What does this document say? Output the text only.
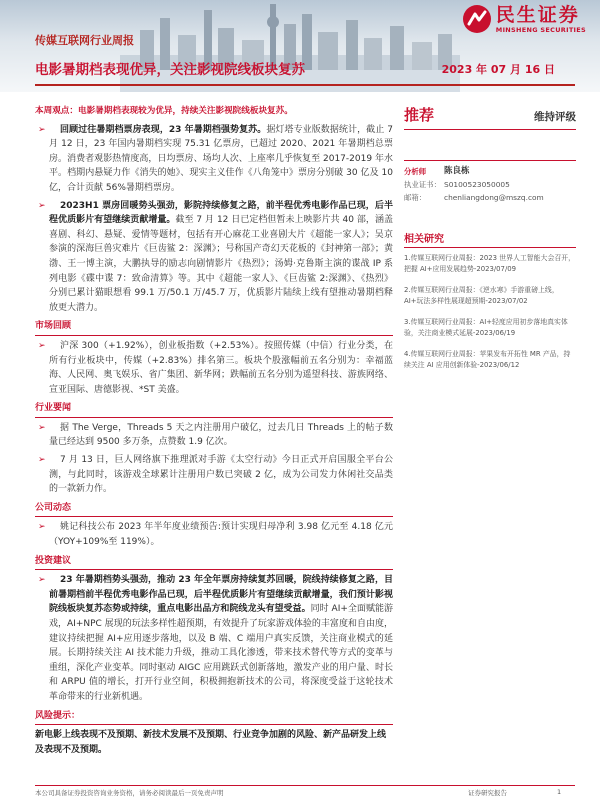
民生证券
MINSHENG SECURITIES
传媒互联网行业周报
电影暑期档表现优异，关注影视院线板块复苏	2023 年 07 月 16 日
本周观点：电影暑期档表现较为优异，持续关注影视院线板块复苏。
➢ 回顾过往暑期档票房表现，23 年暑期档强势复苏。据灯塔专业版数据统计，截止 7 月 12 日，23 年国内暑期档实现 75.31 亿票房，已超过 2020、2021 年暑期档总票房。消费者观影热情度高，日均票房、场均人次、上座率几乎恢复至 2017-2019 年水平。档期内悬疑力作《消失的她》、现实主义佳作《八角笼中》票房分别破 30 亿及 10 亿，合计贡献 56%暑期档票房。
➢ 2023H1 票房回暖势头强劲，影院持续修复之路，前半程优秀电影作品已现，后半程优质影片有望继续贡献增量。截至 7 月 12 日已定档但暂未上映影片共 40 部，涵盖喜剧、科幻、悬疑、爱情等题材，包括有开心麻花工业喜剧大片《超能一家人》；吴京参演的深海巨兽灾难片《巨齿鲨 2：深渊》；号称国产奇幻天花板的《封神第一部》；黄渤、王一博主演，大鹏执导的励志向剧情影片《热烈》；汤姆·克鲁斯主演的谍战 IP 系列电影《碟中谍 7：致命清算》等。其中《超能一家人》、《巨齿鲨 2:深渊》、《热烈》分别已累计猫眼想看 99.1 万/50.1 万/45.7 万，优质影片陆续上线有望推动暑期档释放更大潜力。
市场回顾
➢ 沪深 300（+1.92%），创业板指数（+2.53%）。按照传媒（中信）行业分类，在所有行业板块中，传媒（+2.83%）排名第三。板块个股涨幅前五名分别为：幸福蓝海、人民网、奥飞娱乐、省广集团、新华网；跌幅前五名分别为遥望科技、游族网络、宣亚国际、唐德影视、*ST 美盛。
行业要闻
➢ 据 The Verge，Threads 5 天之内注册用户破亿，过去几日 Threads 上的帖子数量已经达到 9500 多万条，点赞数 1.9 亿次。
➢ 7 月 13 日，巨人网络旗下推理派对手游《太空行动》今日正式开启国服全平台公测，与此同时，该游戏全球累计注册用户数已突破 2 亿，成为公司发力休闲社交品类的一款新力作。
公司动态
➢ 姚记科技公布 2023 年半年度业绩预告:预计实现归母净利 3.98 亿元至 4.18 亿元（YOY+109%至 119%）。
投资建议
➢ 23 年暑期档势头强劲，推动 23 年全年票房持续复苏回暖，院线持续修复之路，目前暑期档前半程优秀电影作品已现，后半程优质影片有望继续贡献增量，我们预计影视院线板块复苏态势或持续，重点电影出品方和院线龙头有望受益。同时 AI+全面赋能游戏，AI+NPC 展现的玩法多样性超预期，有效提升了玩家游戏体验的丰富度和自由度，建议持续把握 AI+应用逐步落地，以及 B 端、C 端用户真实反馈，关注商业模式的延展。长期持续关注 AI 技术能力升级，推动工具化渗透，带来技术替代等方式的变革与重组，深化产业变革。同时驱动 AIGC 应用跳跃式创新落地，激发产业的用户量、时长和 ARPU 值的增长，打开行业空间，积极拥抱新技术的公司，将深度受益于这轮技术革命带来的行业新机遇。
风险提示：
新电影上线表现不及预期、新技术发展不及预期、行业竞争加剧的风险、新产品研发上线及表现不及预期。
推荐	维持评级
分析师	陈良栋
执业证书： S0100523050005
邮箱：	chenliangdong@mszq.com
相关研究
1.传媒互联网行业周报：2023 世界人工智能大会召开，把握 AI+应用发展趋势-2023/07/09
2.传媒互联网行业周报：《逆水寒》手游重磅上线，AI+玩法多样性展现超预期-2023/07/02
3.传媒互联网行业周报：AI+轻度应用初步落地真实体验，关注商业模式延展-2023/06/19
4.传媒互联网行业周报：苹果发布开拓性 MR 产品，持续关注 AI 应用创新体验-2023/06/12
本公司具备证券投资咨询业务资格，请务必阅读最后一页免责声明	证券研究报告	1
